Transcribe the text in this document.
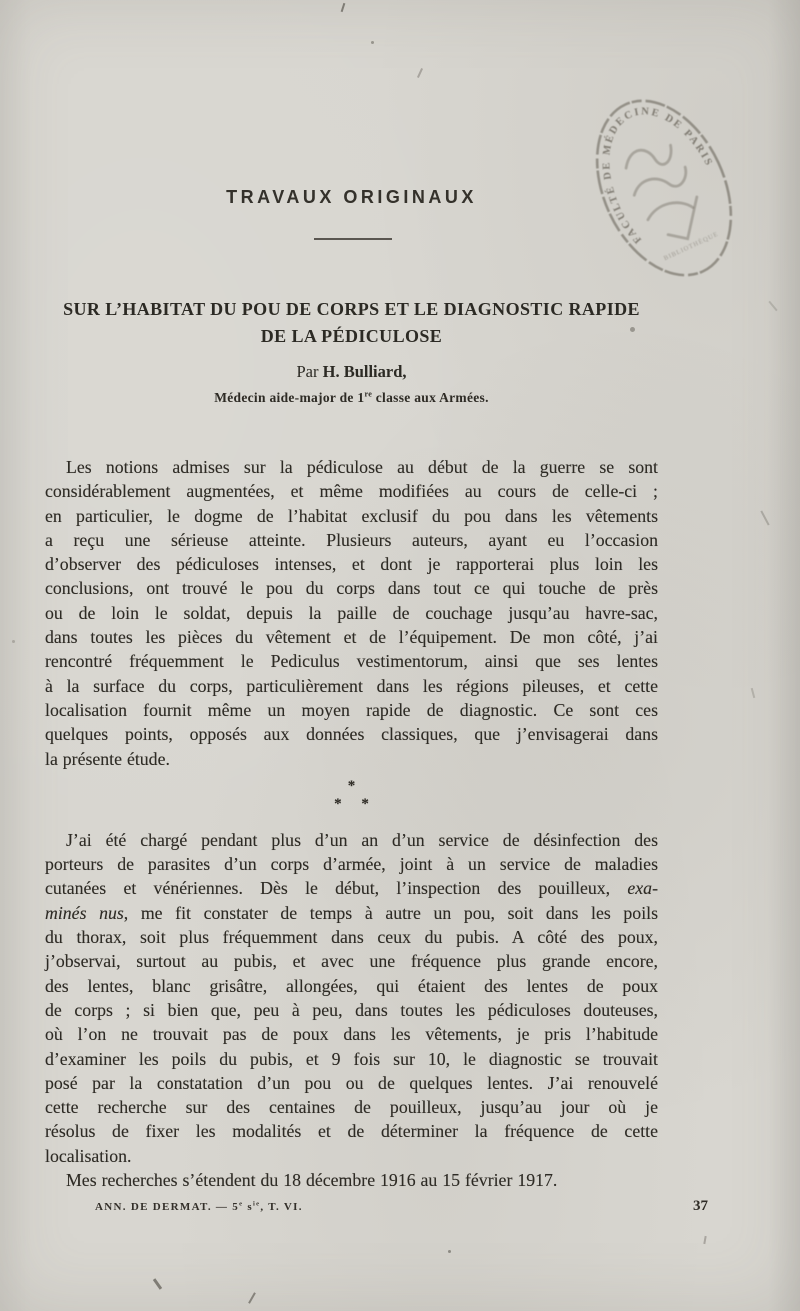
FACULTÉ DE MÉDECINE DE PARIS
BIBLIOTHÈQUE
TRAVAUX ORIGINAUX
SUR L’HABITAT DU POU DE CORPS ET LE DIAGNOSTIC RAPIDE
DE LA PÉDICULOSE
Par H. Bulliard,
Médecin aide-major de 1re classe aux Armées.
Les notions admises sur la pédiculose au début de la guerre se sont
considérablement augmentées, et même modifiées au cours de celle-ci ;
en particulier, le dogme de l’habitat exclusif du pou dans les vêtements
a reçu une sérieuse atteinte. Plusieurs auteurs, ayant eu l’occasion
d’observer des pédiculoses intenses, et dont je rapporterai plus loin les
conclusions, ont trouvé le pou du corps dans tout ce qui touche de près
ou de loin le soldat, depuis la paille de couchage jusqu’au havre-sac,
dans toutes les pièces du vêtement et de l’équipement. De mon côté, j’ai
rencontré fréquemment le Pediculus vestimentorum, ainsi que ses lentes
à la surface du corps, particulièrement dans les régions pileuses, et cette
localisation fournit même un moyen rapide de diagnostic. Ce sont ces
quelques points, opposés aux données classiques, que j’envisagerai dans
la présente étude.
*
* *
J’ai été chargé pendant plus d’un an d’un service de désinfection des
porteurs de parasites d’un corps d’armée, joint à un service de maladies
cutanées et vénériennes. Dès le début, l’inspection des pouilleux, exa-
minés nus, me fit constater de temps à autre un pou, soit dans les poils
du thorax, soit plus fréquemment dans ceux du pubis. A côté des poux,
j’observai, surtout au pubis, et avec une fréquence plus grande encore,
des lentes, blanc grisâtre, allongées, qui étaient des lentes de poux
de corps ; si bien que, peu à peu, dans toutes les pédiculoses douteuses,
où l’on ne trouvait pas de poux dans les vêtements, je pris l’habitude
d’examiner les poils du pubis, et 9 fois sur 10, le diagnostic se trouvait
posé par la constatation d’un pou ou de quelques lentes. J’ai renouvelé
cette recherche sur des centaines de pouilleux, jusqu’au jour où je
résolus de fixer les modalités et de déterminer la fréquence de cette
localisation.
Mes recherches s’étendent du 18 décembre 1916 au 15 février 1917.
ANN. DE DERMAT. — 5e $s^{ie}$, T. VI.	37
